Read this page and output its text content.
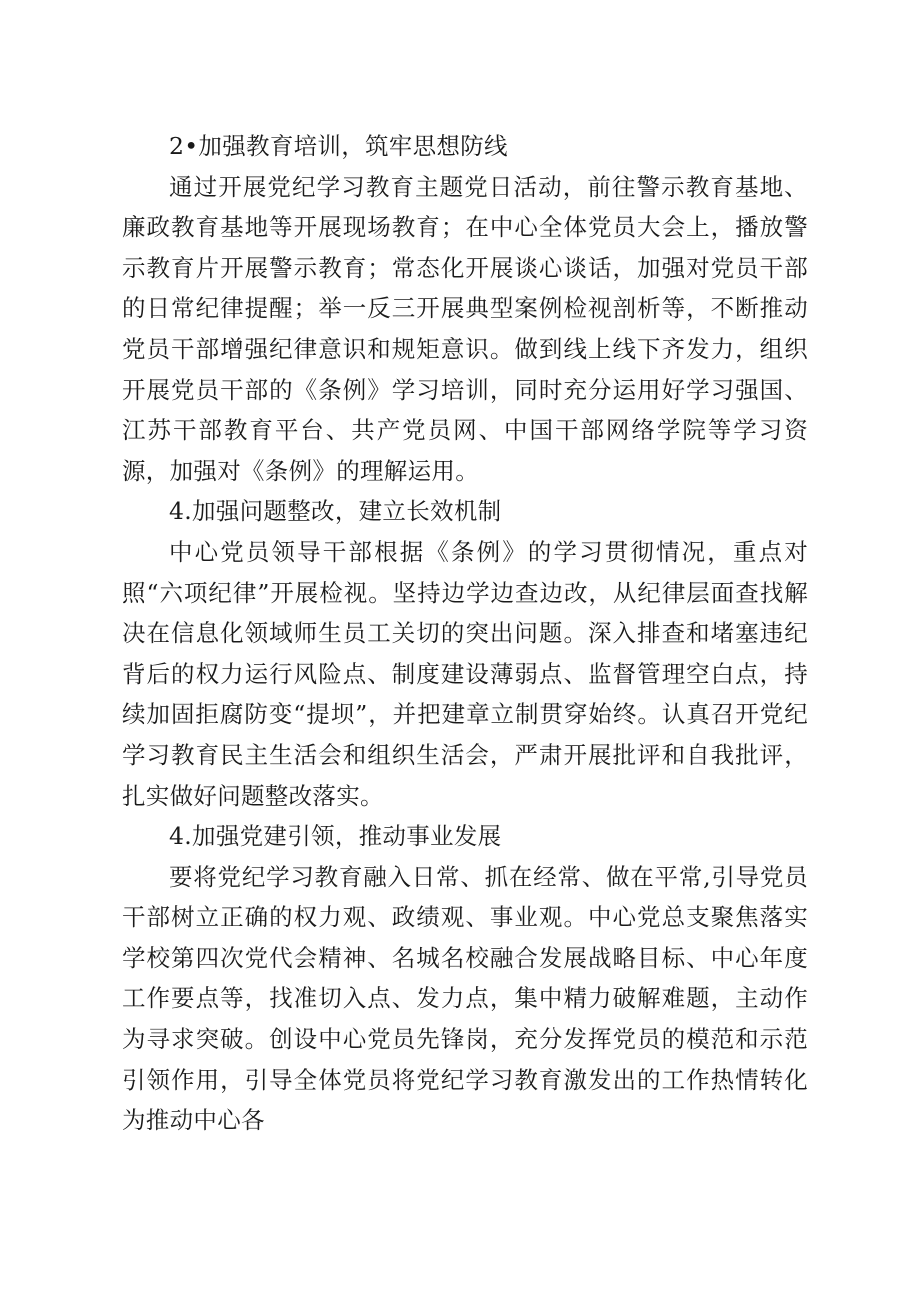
2•加强教育培训，筑牢思想防线

通过开展党纪学习教育主题党日活动，前往警示教育基地、廉政教育基地等开展现场教育；在中心全体党员大会上，播放警示教育片开展警示教育；常态化开展谈心谈话，加强对党员干部的日常纪律提醒；举一反三开展典型案例检视剖析等，不断推动党员干部增强纪律意识和规矩意识。做到线上线下齐发力，组织开展党员干部的《条例》学习培训，同时充分运用好学习强国、江苏干部教育平台、共产党员网、中国干部网络学院等学习资源，加强对《条例》的理解运用。

4.加强问题整改，建立长效机制

中心党员领导干部根据《条例》的学习贯彻情况，重点对照“六项纪律”开展检视。坚持边学边查边改，从纪律层面查找解决在信息化领域师生员工关切的突出问题。深入排查和堵塞违纪背后的权力运行风险点、制度建设薄弱点、监督管理空白点，持续加固拒腐防变“提坝”，并把建章立制贯穿始终。认真召开党纪学习教育民主生活会和组织生活会，严肃开展批评和自我批评，扎实做好问题整改落实。

4.加强党建引领，推动事业发展

要将党纪学习教育融入日常、抓在经常、做在平常,引导党员干部树立正确的权力观、政绩观、事业观。中心党总支聚焦落实学校第四次党代会精神、名城名校融合发展战略目标、中心年度工作要点等，找准切入点、发力点，集中精力破解难题，主动作为寻求突破。创设中心党员先锋岗，充分发挥党员的模范和示范引领作用，引导全体党员将党纪学习教育激发出的工作热情转化为推动中心各
